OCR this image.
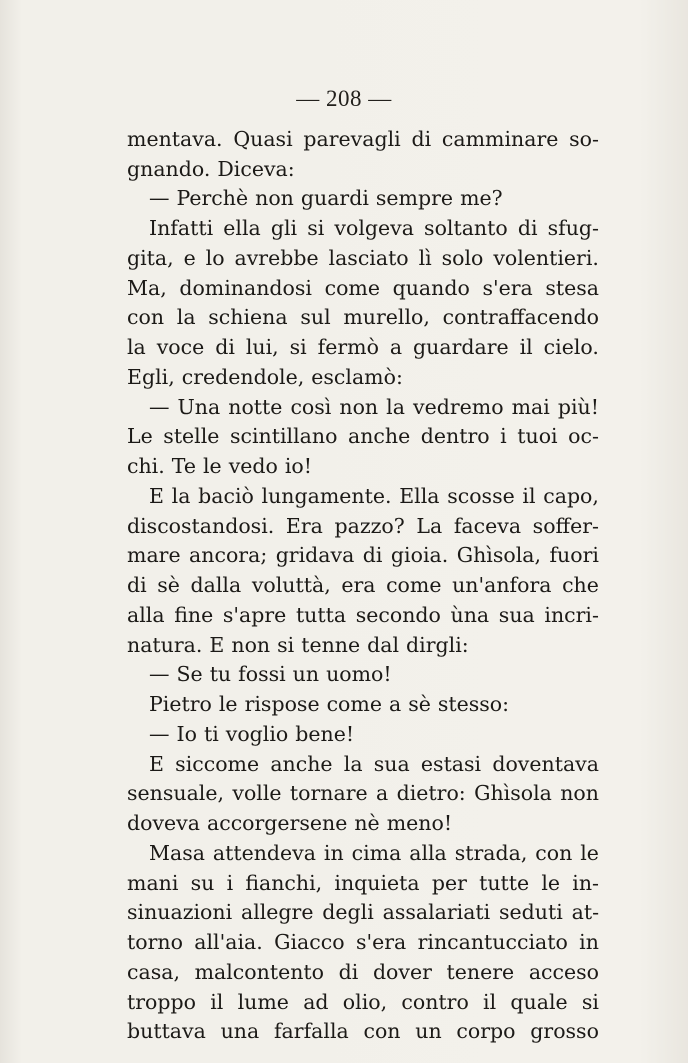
— 208 —
mentava. Quasi parevagli di camminare so-
gnando. Diceva:
— Perchè non guardi sempre me?
Infatti ella gli si volgeva soltanto di sfug-
gita, e lo avrebbe lasciato lì solo volentieri.
Ma, dominandosi come quando s'era stesa
con la schiena sul murello, contraffacendo
la voce di lui, si fermò a guardare il cielo.
Egli, credendole, esclamò:
— Una notte così non la vedremo mai più!
Le stelle scintillano anche dentro i tuoi oc-
chi. Te le vedo io!
E la baciò lungamente. Ella scosse il capo,
discostandosi. Era pazzo? La faceva soffer-
mare ancora; gridava di gioia. Ghìsola, fuori
di sè dalla voluttà, era come un'anfora che
alla fine s'apre tutta secondo ùna sua incri-
natura. E non si tenne dal dirgli:
— Se tu fossi un uomo!
Pietro le rispose come a sè stesso:
— Io ti voglio bene!
E siccome anche la sua estasi doventava
sensuale, volle tornare a dietro: Ghìsola non
doveva accorgersene nè meno!
Masa attendeva in cima alla strada, con le
mani su i fianchi, inquieta per tutte le in-
sinuazioni allegre degli assalariati seduti at-
torno all'aia. Giacco s'era rincantucciato in
casa, malcontento di dover tenere acceso
troppo il lume ad olio, contro il quale si
buttava una farfalla con un corpo grosso
